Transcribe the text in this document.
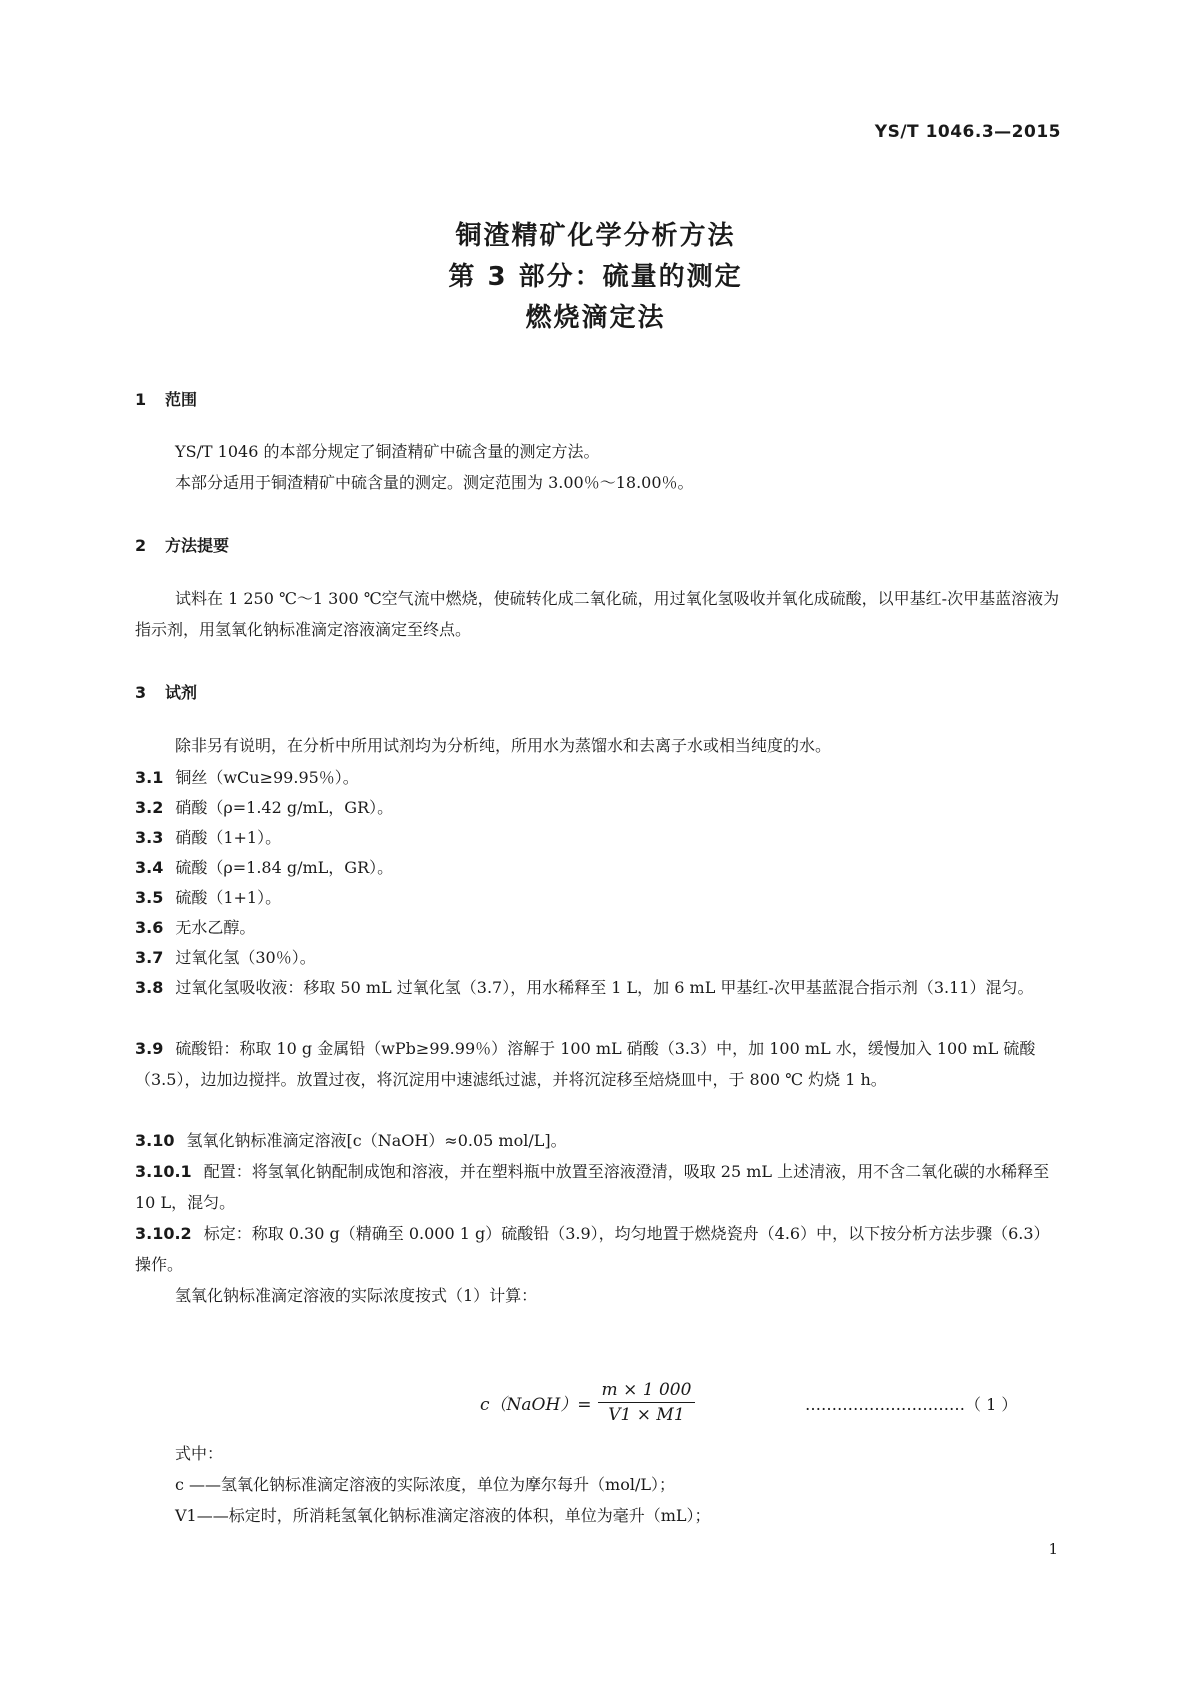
YS/T 1046.3—2015
铜渣精矿化学分析方法
第 3 部分：硫量的测定
燃烧滴定法
1 范围
YS/T 1046 的本部分规定了铜渣精矿中硫含量的测定方法。
本部分适用于铜渣精矿中硫含量的测定。测定范围为 3.00％～18.00％。
2 方法提要
试料在 1 250 ℃～1 300 ℃空气流中燃烧，使硫转化成二氧化硫，用过氧化氢吸收并氧化成硫酸，以甲基红-次甲基蓝溶液为指示剂，用氢氧化钠标准滴定溶液滴定至终点。
3 试剂
除非另有说明，在分析中所用试剂均为分析纯，所用水为蒸馏水和去离子水或相当纯度的水。
3.1 铜丝（wCu≥99.95％）。
3.2 硝酸（ρ=1.42 g/mL，GR）。
3.3 硝酸（1+1）。
3.4 硫酸（ρ=1.84 g/mL，GR）。
3.5 硫酸（1+1）。
3.6 无水乙醇。
3.7 过氧化氢（30％）。
3.8 过氧化氢吸收液：移取 50 mL 过氧化氢（3.7），用水稀释至 1 L，加 6 mL 甲基红-次甲基蓝混合指示剂（3.11）混匀。
3.9 硫酸铅：称取 10 g 金属铅（wPb≥99.99％）溶解于 100 mL 硝酸（3.3）中，加 100 mL 水，缓慢加入 100 mL 硫酸（3.5），边加边搅拌。放置过夜，将沉淀用中速滤纸过滤，并将沉淀移至焙烧皿中，于 800 ℃ 灼烧 1 h。
3.10 氢氧化钠标准滴定溶液[c（NaOH）≈0.05 mol/L]。
3.10.1 配置：将氢氧化钠配制成饱和溶液，并在塑料瓶中放置至溶液澄清，吸取 25 mL 上述清液，用不含二氧化碳的水稀释至 10 L，混匀。
3.10.2 标定：称取 0.30 g（精确至 0.000 1 g）硫酸铅（3.9），均匀地置于燃烧瓷舟（4.6）中，以下按分析方法步骤（6.3）操作。
氢氧化钠标准滴定溶液的实际浓度按式（1）计算：
c（NaOH）= $\frac{m \times 1 000}{V1 \times M1}$	…………………………（ 1 ）
式中：
c ——氢氧化钠标准滴定溶液的实际浓度，单位为摩尔每升（mol/L）；
V1——标定时，所消耗氢氧化钠标准滴定溶液的体积，单位为毫升（mL）；
1
